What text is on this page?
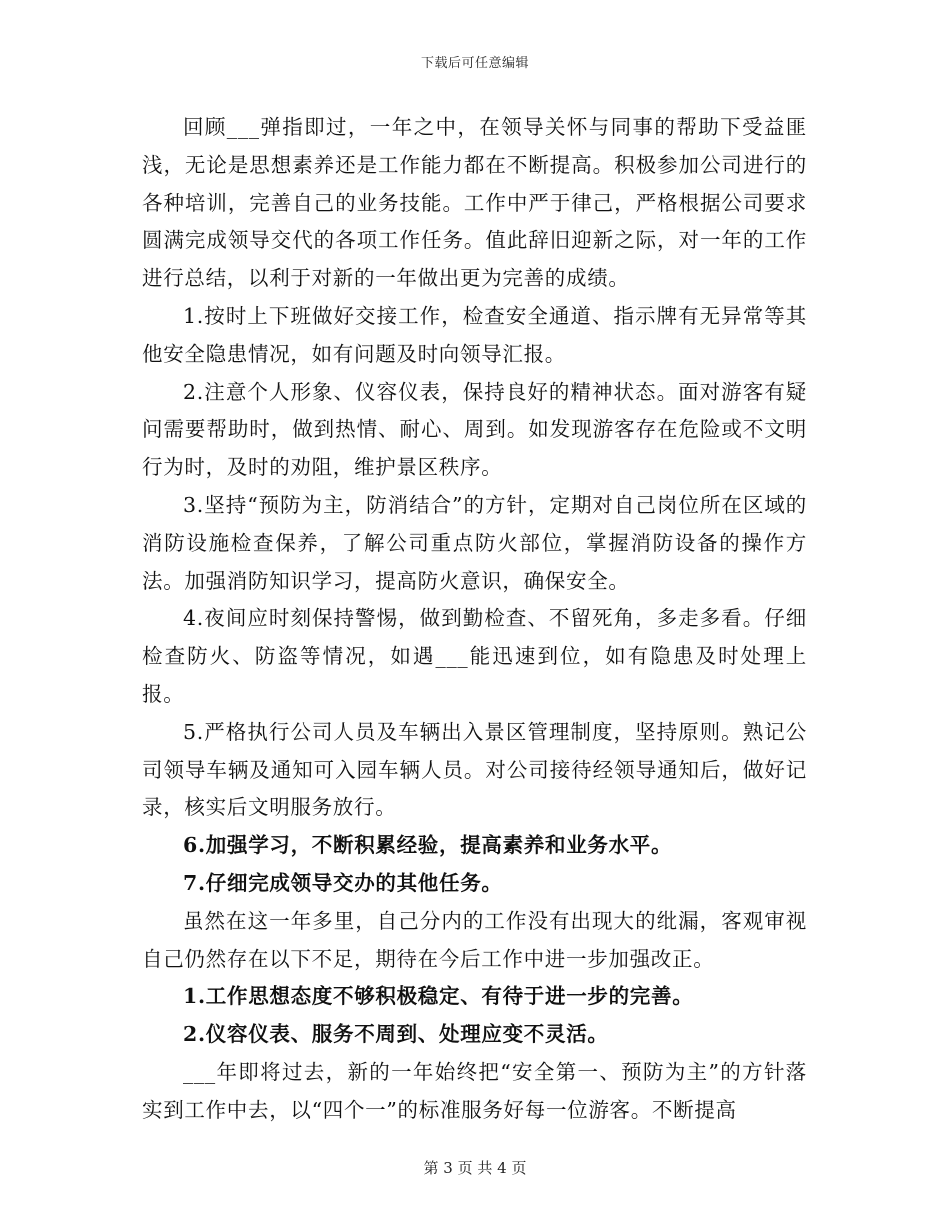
下载后可任意编辑

回顾___弹指即过，一年之中，在领导关怀与同事的帮助下受益匪浅，无论是思想素养还是工作能力都在不断提高。积极参加公司进行的各种培训，完善自己的业务技能。工作中严于律己，严格根据公司要求圆满完成领导交代的各项工作任务。值此辞旧迎新之际，对一年的工作进行总结，以利于对新的一年做出更为完善的成绩。

1.按时上下班做好交接工作，检查安全通道、指示牌有无异常等其他安全隐患情况，如有问题及时向领导汇报。

2.注意个人形象、仪容仪表，保持良好的精神状态。面对游客有疑问需要帮助时，做到热情、耐心、周到。如发现游客存在危险或不文明行为时，及时的劝阻，维护景区秩序。

3.坚持“预防为主，防消结合”的方针，定期对自己岗位所在区域的消防设施检查保养，了解公司重点防火部位，掌握消防设备的操作方法。加强消防知识学习，提高防火意识，确保安全。

4.夜间应时刻保持警惕，做到勤检查、不留死角，多走多看。仔细检查防火、防盗等情况，如遇___能迅速到位，如有隐患及时处理上报。

5.严格执行公司人员及车辆出入景区管理制度，坚持原则。熟记公司领导车辆及通知可入园车辆人员。对公司接待经领导通知后，做好记录，核实后文明服务放行。

6.加强学习，不断积累经验，提高素养和业务水平。

7.仔细完成领导交办的其他任务。

虽然在这一年多里，自己分内的工作没有出现大的纰漏，客观审视自己仍然存在以下不足，期待在今后工作中进一步加强改正。

1.工作思想态度不够积极稳定、有待于进一步的完善。

2.仪容仪表、服务不周到、处理应变不灵活。

___年即将过去，新的一年始终把“安全第一、预防为主”的方针落实到工作中去，以“四个一”的标准服务好每一位游客。不断提高

第 3 页 共 4 页
